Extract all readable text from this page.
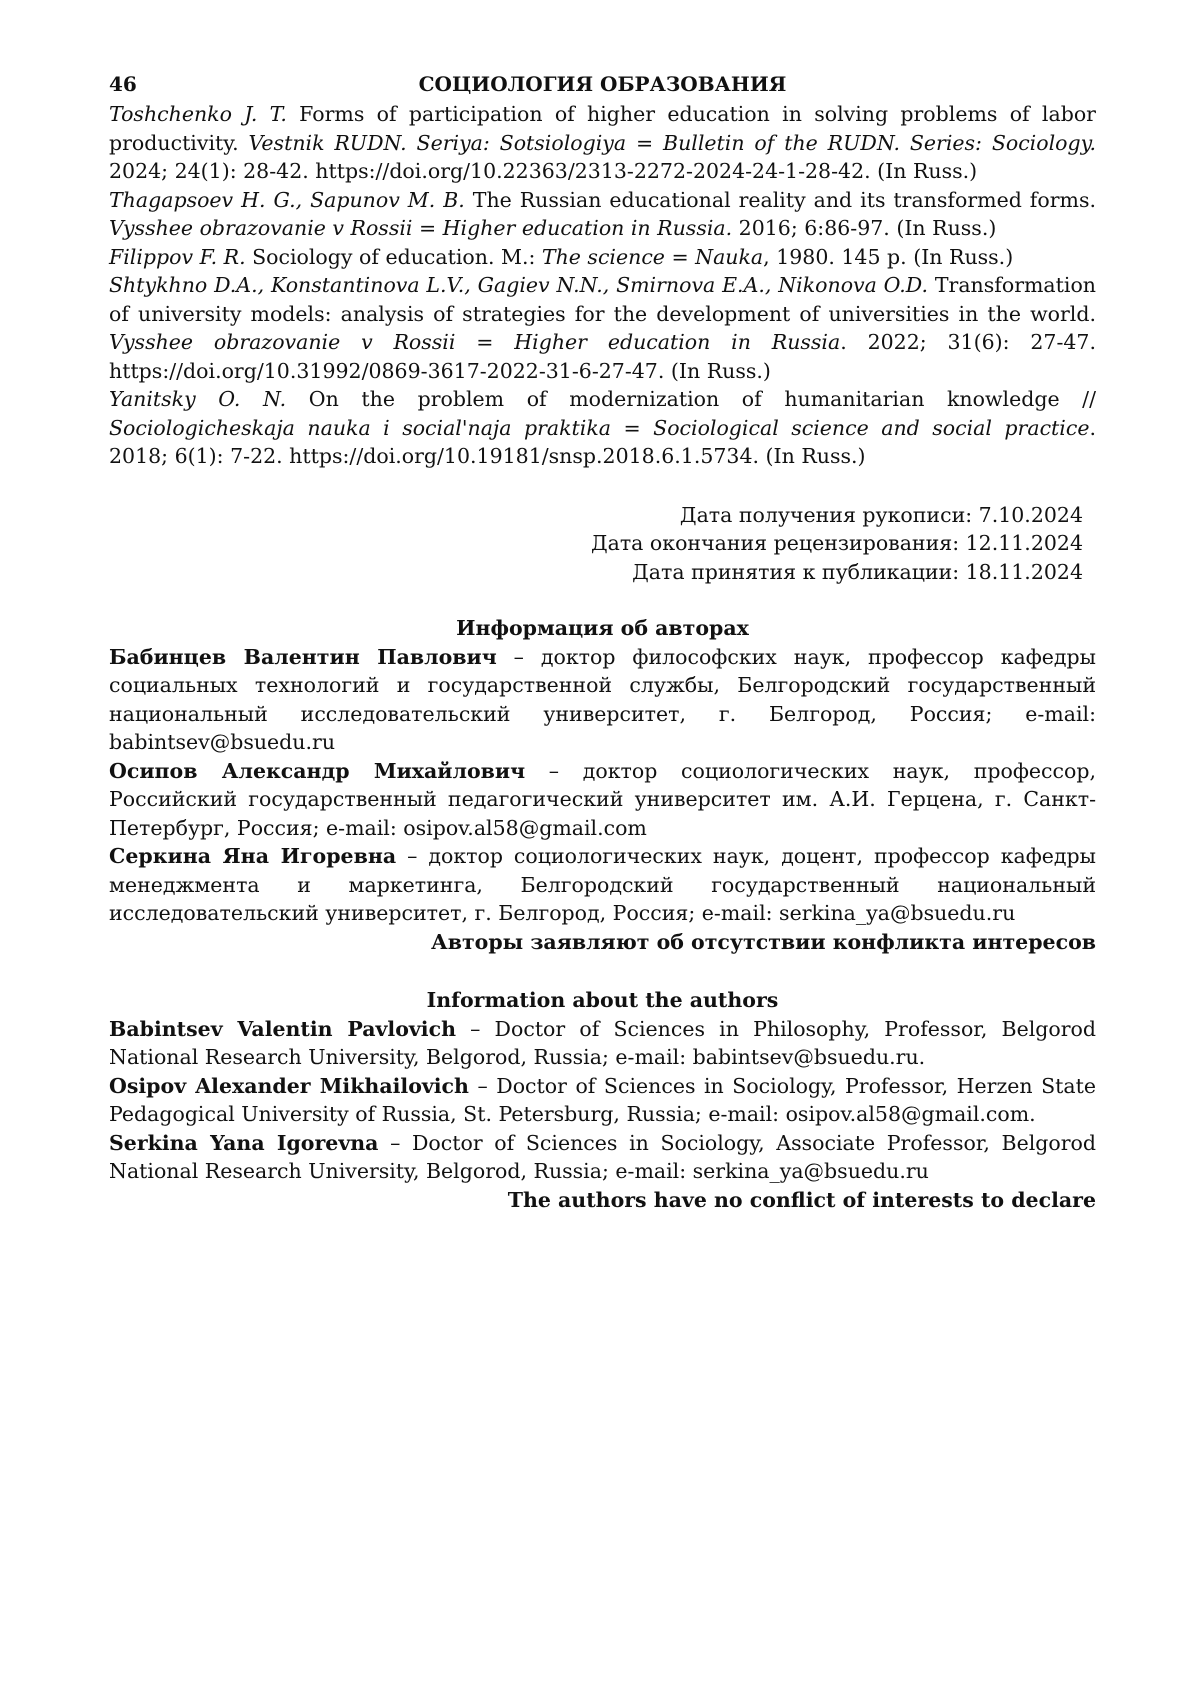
46	СОЦИОЛОГИЯ ОБРАЗОВАНИЯ

Toshchenko J. T. Forms of participation of higher education in solving problems of labor productivity. Vestnik RUDN. Seriya: Sotsiologiya = Bulletin of the RUDN. Series: Sociology. 2024; 24(1): 28-42. https://doi.org/10.22363/2313-2272-2024-24-1-28-42. (In Russ.)

Thagapsoev H. G., Sapunov M. B. The Russian educational reality and its transformed forms. Vysshee obrazovanie v Rossii = Higher education in Russia. 2016; 6:86-97. (In Russ.)

Filippov F. R. Sociology of education. M.: The science = Nauka, 1980. 145 p. (In Russ.)

Shtykhno D.A., Konstantinova L.V., Gagiev N.N., Smirnova E.A., Nikonova O.D. Transformation of university models: analysis of strategies for the development of universities in the world. Vysshee obrazovanie v Rossii = Higher education in Russia. 2022; 31(6): 27-47. https://doi.org/10.31992/0869-3617-2022-31-6-27-47. (In Russ.)

Yanitsky O. N. On the problem of modernization of humanitarian knowledge // Sociologicheskaja nauka i social'naja praktika = Sociological science and social practice. 2018; 6(1): 7-22. https://doi.org/10.19181/snsp.2018.6.1.5734. (In Russ.)

Дата получения рукописи: 7.10.2024
Дата окончания рецензирования: 12.11.2024
Дата принятия к публикации: 18.11.2024
Информация об авторах

Бабинцев Валентин Павлович – доктор философских наук, профессор кафедры социальных технологий и государственной службы, Белгородский государственный национальный исследовательский университет, г. Белгород, Россия; e-mail: babintsev@bsuedu.ru

Осипов Александр Михайлович – доктор социологических наук, профессор, Российский государственный педагогический университет им. А.И. Герцена, г. Санкт-Петербург, Россия; e-mail: osipov.al58@gmail.com

Серкина Яна Игоревна – доктор социологических наук, доцент, профессор кафедры менеджмента и маркетинга, Белгородский государственный национальный исследовательский университет, г. Белгород, Россия; e-mail: serkina_ya@bsuedu.ru

Авторы заявляют об отсутствии конфликта интересов
Information about the authors

Babintsev Valentin Pavlovich – Doctor of Sciences in Philosophy, Professor, Belgorod National Research University, Belgorod, Russia; e-mail: babintsev@bsuedu.ru.

Osipov Alexander Mikhailovich – Doctor of Sciences in Sociology, Professor, Herzen State Pedagogical University of Russia, St. Petersburg, Russia; e-mail: osipov.al58@gmail.com.

Serkina Yana Igorevna – Doctor of Sciences in Sociology, Associate Professor, Belgorod National Research University, Belgorod, Russia; e-mail: serkina_ya@bsuedu.ru

The authors have no conflict of interests to declare
